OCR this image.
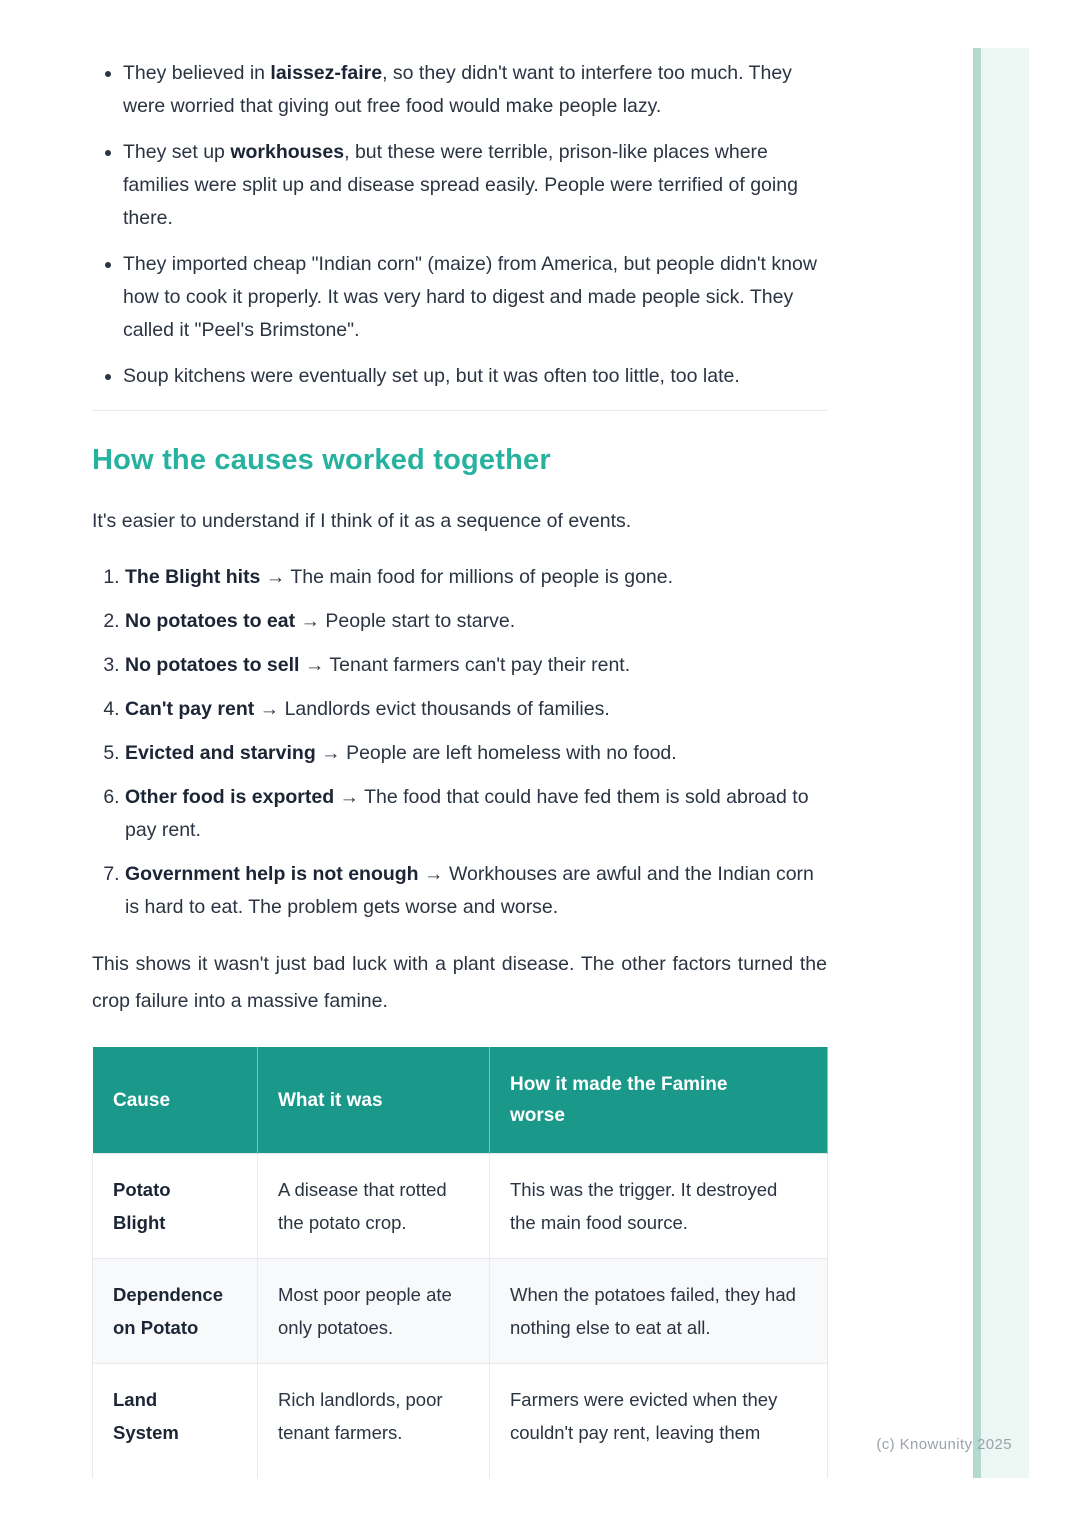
• They believed in laissez-faire, so they didn't want to interfere too much. They were worried that giving out free food would make people lazy.
• They set up workhouses, but these were terrible, prison-like places where families were split up and disease spread easily. People were terrified of going there.
• They imported cheap "Indian corn" (maize) from America, but people didn't know how to cook it properly. It was very hard to digest and made people sick. They called it "Peel's Brimstone".
• Soup kitchens were eventually set up, but it was often too little, too late.
How the causes worked together

It's easier to understand if I think of it as a sequence of events.

1. The Blight hits → The main food for millions of people is gone.
2. No potatoes to eat → People start to starve.
3. No potatoes to sell → Tenant farmers can't pay their rent.
4. Can't pay rent → Landlords evict thousands of families.
5. Evicted and starving → People are left homeless with no food.
6. Other food is exported → The food that could have fed them is sold abroad to pay rent.
7. Government help is not enough → Workhouses are awful and the Indian corn is hard to eat. The problem gets worse and worse.

This shows it wasn't just bad luck with a plant disease. The other factors turned the crop failure into a massive famine.

Cause	What it was	How it made the Famine worse
Potato Blight	A disease that rotted the potato crop.	This was the trigger. It destroyed the main food source.
Dependence on Potato	Most poor people ate only potatoes.	When the potatoes failed, they had nothing else to eat at all.
Land System	Rich landlords, poor tenant farmers.	Farmers were evicted when they couldn't pay rent, leaving them
(c) Knowunity 2025
